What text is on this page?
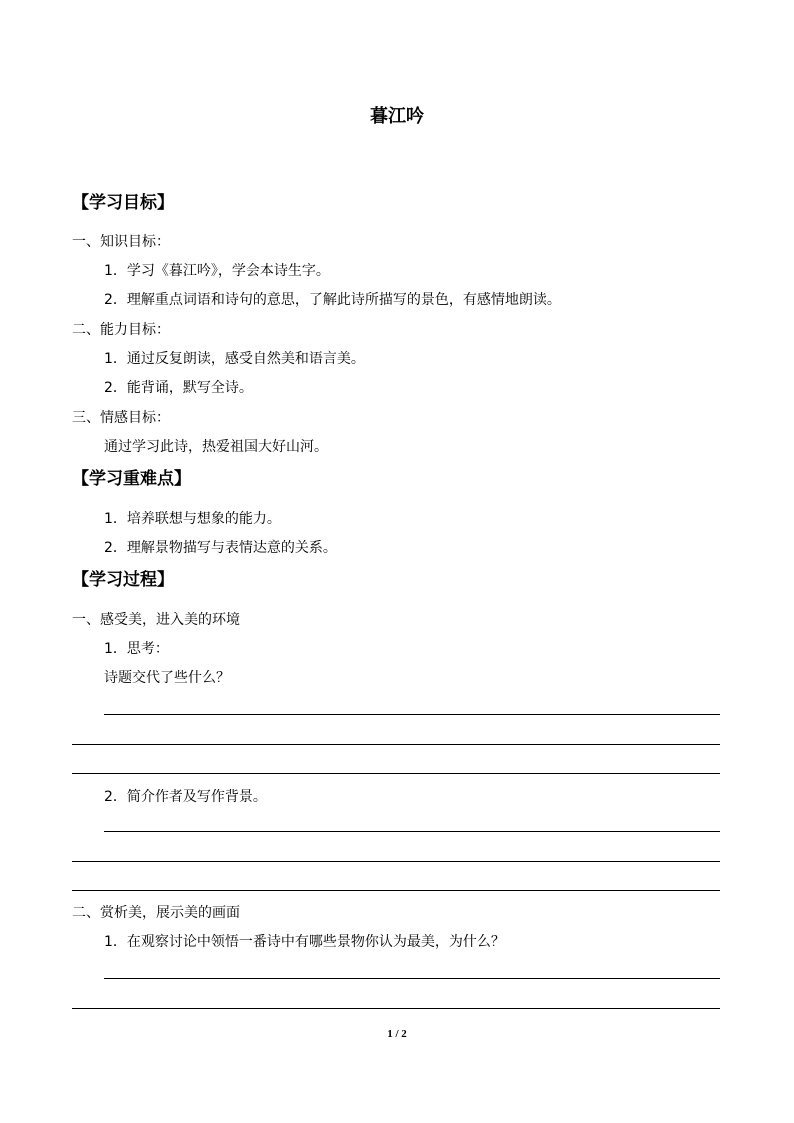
暮江吟
【学习目标】
一、知识目标：
1．学习《暮江吟》，学会本诗生字。
2．理解重点词语和诗句的意思，了解此诗所描写的景色，有感情地朗读。
二、能力目标：
1．通过反复朗读，感受自然美和语言美。
2．能背诵，默写全诗。
三、情感目标：
通过学习此诗，热爱祖国大好山河。
【学习重难点】
1．培养联想与想象的能力。
2．理解景物描写与表情达意的关系。
【学习过程】
一、感受美，进入美的环境
1．思考：
诗题交代了些什么？
2．简介作者及写作背景。
二、赏析美，展示美的画面
1．在观察讨论中领悟一番诗中有哪些景物你认为最美，为什么？
1 / 2
